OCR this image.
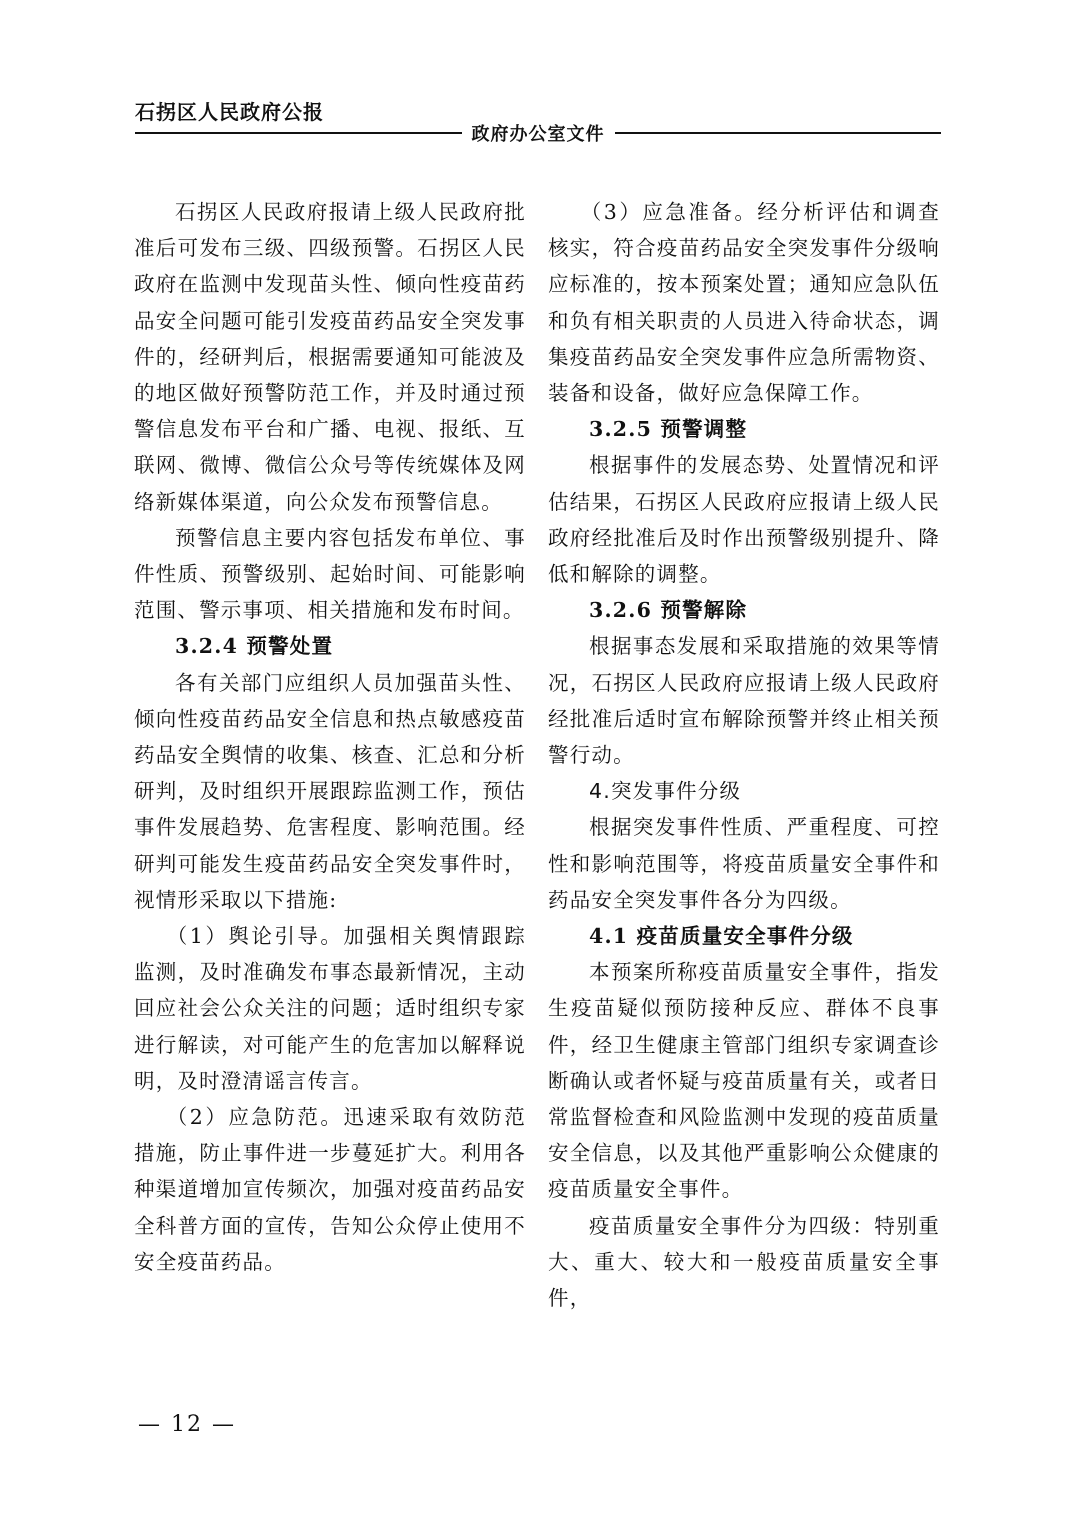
石拐区人民政府公报
政府办公室文件

石拐区人民政府报请上级人民政府批准后可发布三级、四级预警。石拐区人民政府在监测中发现苗头性、倾向性疫苗药品安全问题可能引发疫苗药品安全突发事件的，经研判后，根据需要通知可能波及的地区做好预警防范工作，并及时通过预警信息发布平台和广播、电视、报纸、互联网、微博、微信公众号等传统媒体及网络新媒体渠道，向公众发布预警信息。

预警信息主要内容包括发布单位、事件性质、预警级别、起始时间、可能影响范围、警示事项、相关措施和发布时间。

3.2.4 预警处置

各有关部门应组织人员加强苗头性、倾向性疫苗药品安全信息和热点敏感疫苗药品安全舆情的收集、核查、汇总和分析研判，及时组织开展跟踪监测工作，预估事件发展趋势、危害程度、影响范围。经研判可能发生疫苗药品安全突发事件时，视情形采取以下措施:

（1）舆论引导。加强相关舆情跟踪监测，及时准确发布事态最新情况，主动回应社会公众关注的问题；适时组织专家进行解读，对可能产生的危害加以解释说明，及时澄清谣言传言。

（2）应急防范。迅速采取有效防范措施，防止事件进一步蔓延扩大。利用各种渠道增加宣传频次，加强对疫苗药品安全科普方面的宣传，告知公众停止使用不安全疫苗药品。

（3）应急准备。经分析评估和调查核实，符合疫苗药品安全突发事件分级响应标准的，按本预案处置；通知应急队伍和负有相关职责的人员进入待命状态，调集疫苗药品安全突发事件应急所需物资、装备和设备，做好应急保障工作。

3.2.5 预警调整

根据事件的发展态势、处置情况和评估结果，石拐区人民政府应报请上级人民政府经批准后及时作出预警级别提升、降低和解除的调整。

3.2.6 预警解除

根据事态发展和采取措施的效果等情况，石拐区人民政府应报请上级人民政府经批准后适时宣布解除预警并终止相关预警行动。

4.突发事件分级

根据突发事件性质、严重程度、可控性和影响范围等，将疫苗质量安全事件和药品安全突发事件各分为四级。

4.1 疫苗质量安全事件分级

本预案所称疫苗质量安全事件，指发生疫苗疑似预防接种反应、群体不良事件，经卫生健康主管部门组织专家调查诊断确认或者怀疑与疫苗质量有关，或者日常监督检查和风险监测中发现的疫苗质量安全信息，以及其他严重影响公众健康的疫苗质量安全事件。

疫苗质量安全事件分为四级：特别重大、重大、较大和一般疫苗质量安全事件，

— 12 —
